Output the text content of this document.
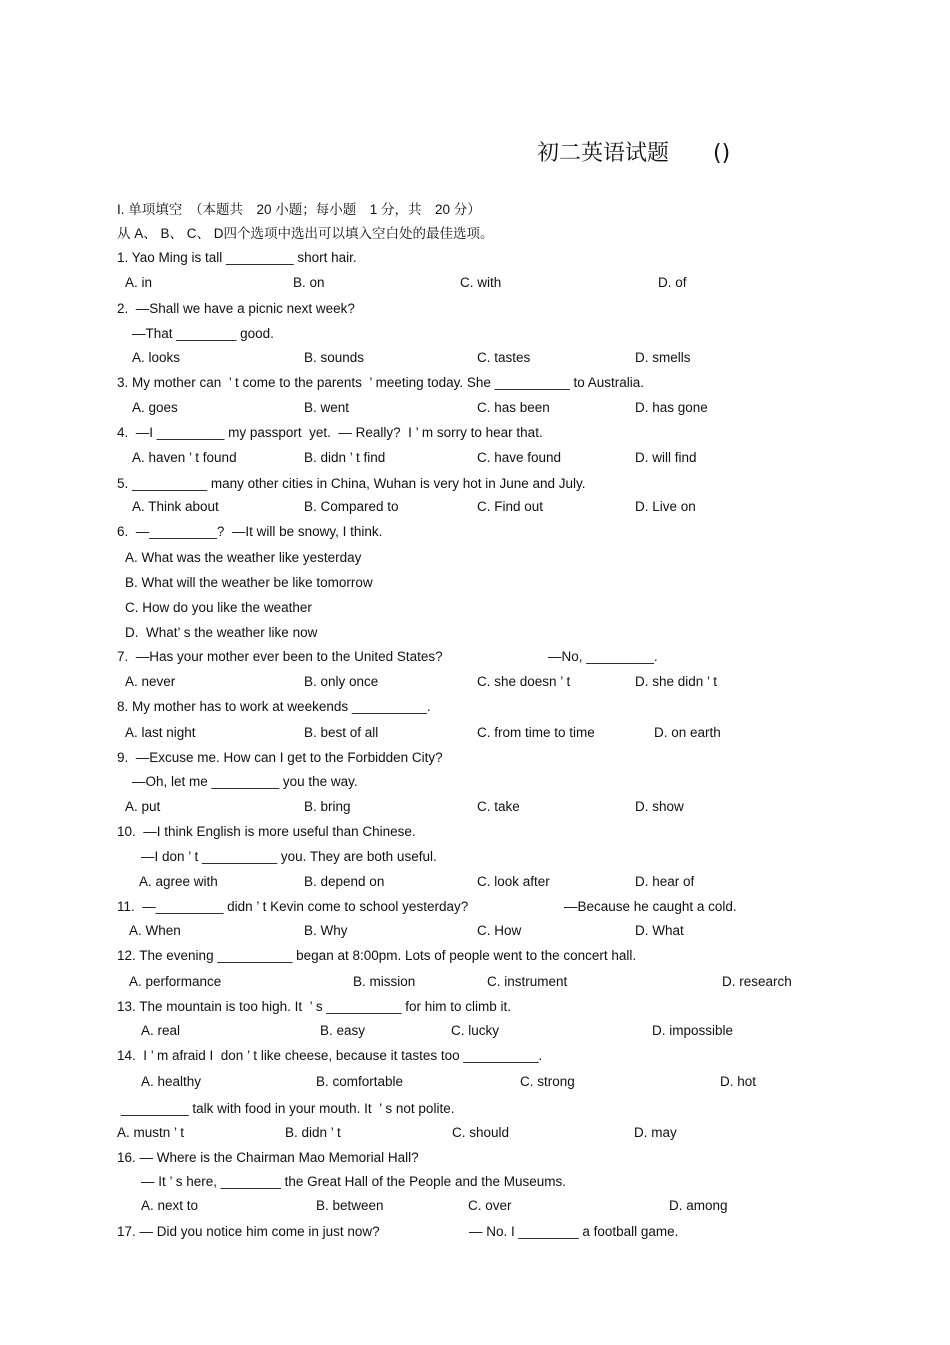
初二英语试题　　()
I. 单项填空　（本题共　20 小题；每小题　1 分，共　20 分）
从 A、 B、 C、 D四个选项中选出可以填入空白处的最佳选项。
1. Yao Ming is tall _________ short hair.
A. in	B. on	C. with	D. of
2.  —Shall we have a picnic next week?
—That ________ good.
A. looks	B. sounds	C. tastes	D. smells
3. My mother can  ’ t come to the parents  ’ meeting today. She __________ to Australia.
A. goes	B. went	C. has been	D. has gone
4.  —I _________ my passport  yet.  — Really?  I ’ m sorry to hear that.
A. haven ’ t found	B. didn ’ t find	C. have found	D. will find
5. __________ many other cities in China, Wuhan is very hot in June and July.
A. Think about	B. Compared to	C. Find out	D. Live on
6.  —_________?  —It will be snowy, I think.
A. What was the weather like yesterday
B. What will the weather be like tomorrow
C. How do you like the weather
D.  What’ s the weather like now
7.  —Has your mother ever been to the United States?	—No, _________.
A. never	B. only once	C. she doesn ’ t	D. she didn ’ t
8. My mother has to work at weekends __________.
A. last night	B. best of all	C. from time to time	D. on earth
9.  —Excuse me. How can I get to the Forbidden City?
—Oh, let me _________ you the way.
A. put	B. bring	C. take	D. show
10.  —I think English is more useful than Chinese.
—I don ’ t __________ you. They are both useful.
A. agree with	B. depend on	C. look after	D. hear of
11.  —_________ didn ’ t Kevin come to school yesterday?	—Because he caught a cold.
A. When	B. Why	C. How	D. What
12. The evening __________ began at 8:00pm. Lots of people went to the concert hall.
A. performance	B. mission	C. instrument	D. research
13. The mountain is too high. It  ’ s __________ for him to climb it.
A. real	B. easy	C. lucky	D. impossible
14.  I ’ m afraid I  don ’ t like cheese, because it tastes too __________.
A. healthy	B. comfortable	C. strong	D. hot
_________ talk with food in your mouth. It  ’ s not polite.
A. mustn ’ t	B. didn ’ t	C. should	D. may
16. — Where is the Chairman Mao Memorial Hall?
— It ’ s here, ________ the Great Hall of the People and the Museums.
A. next to	B. between	C. over	D. among
17. — Did you notice him come in just now?	— No. I ________ a football game.
